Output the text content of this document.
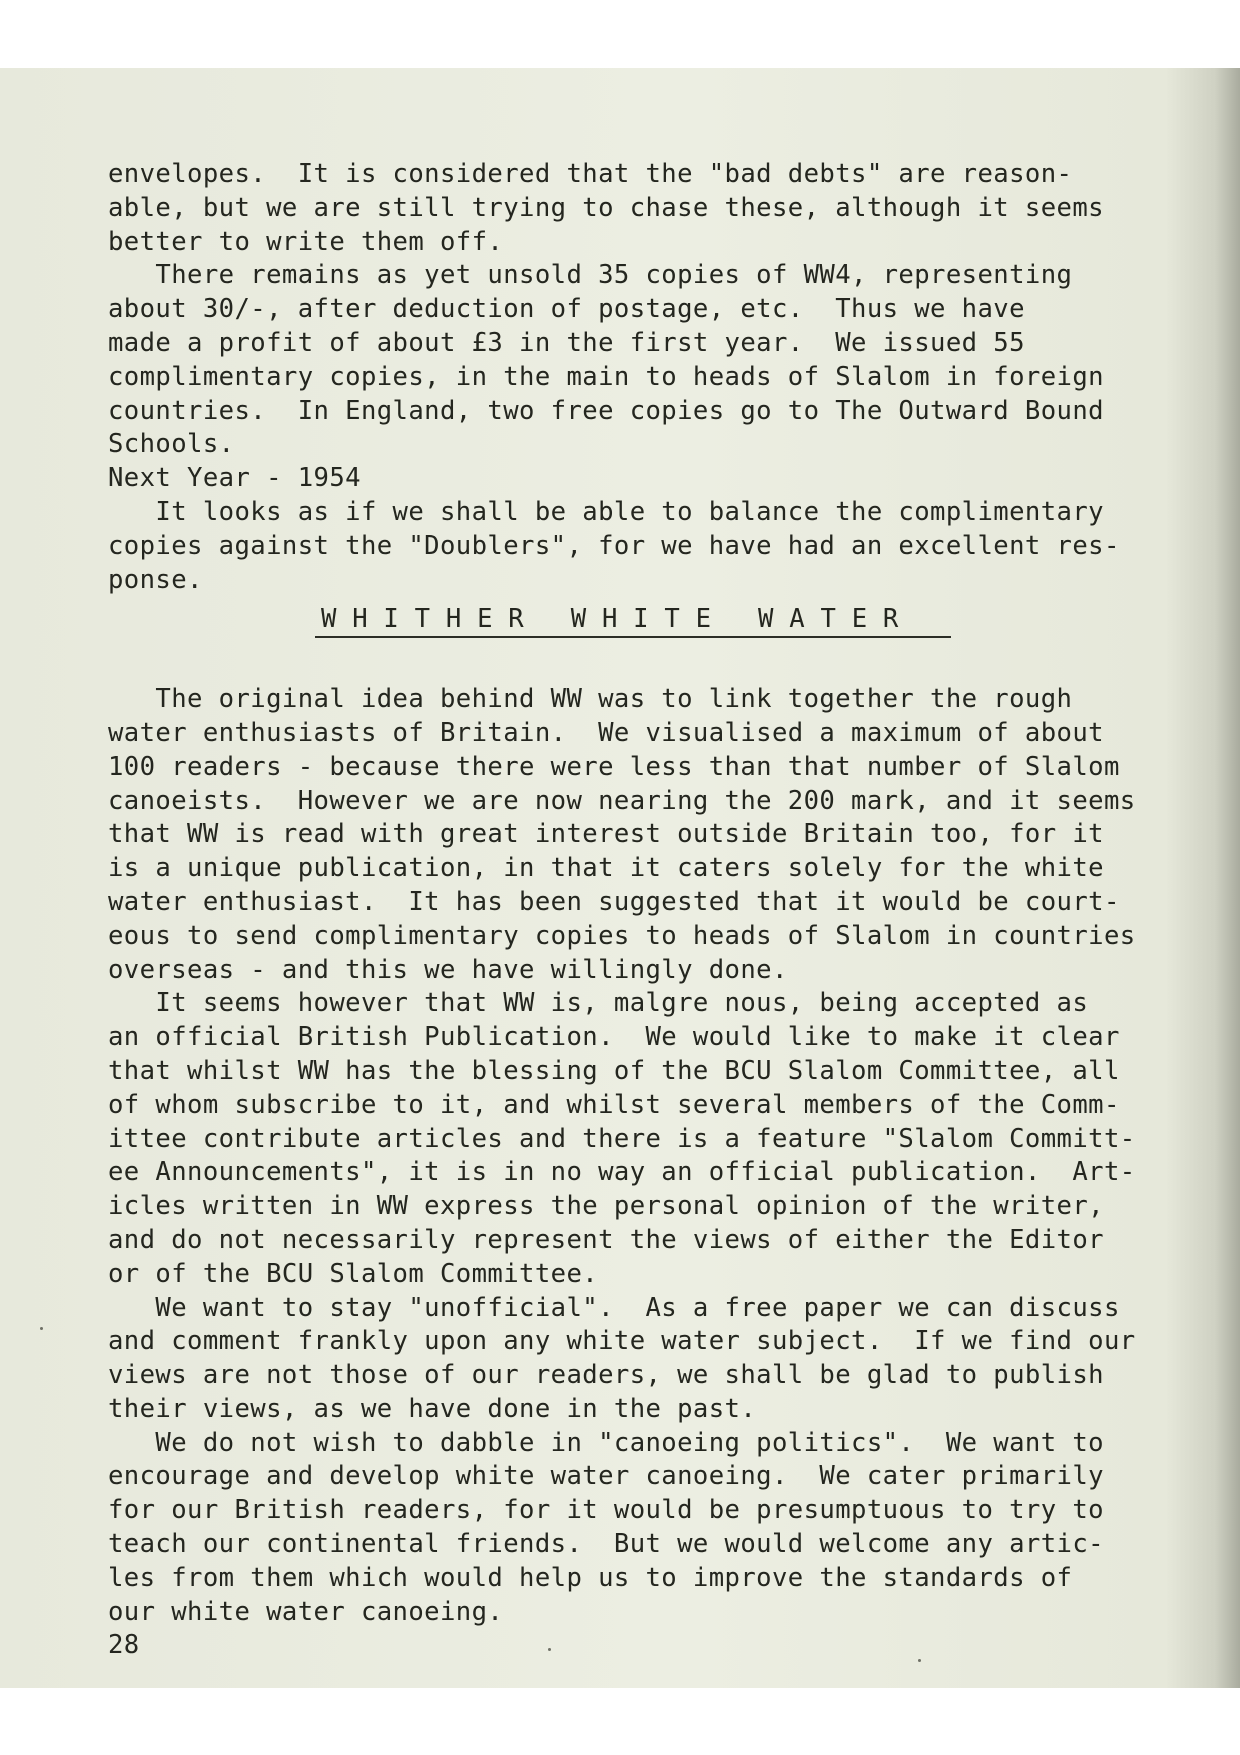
envelopes.  It is considered that the "bad debts" are reason-
able, but we are still trying to chase these, although it seems
better to write them off.
There remains as yet unsold 35 copies of WW4, representing
about 30/-, after deduction of postage, etc.  Thus we have
made a profit of about £3 in the first year.  We issued 55
complimentary copies, in the main to heads of Slalom in foreign
countries.  In England, two free copies go to The Outward Bound
Schools.
Next Year - 1954
It looks as if we shall be able to balance the complimentary
copies against the "Doublers", for we have had an excellent res-
ponse.
W H I T H E R   W H I T E   W A T E R
The original idea behind WW was to link together the rough
water enthusiasts of Britain.  We visualised a maximum of about
100 readers - because there were less than that number of Slalom
canoeists.  However we are now nearing the 200 mark, and it seems
that WW is read with great interest outside Britain too, for it
is a unique publication, in that it caters solely for the white
water enthusiast.  It has been suggested that it would be court-
eous to send complimentary copies to heads of Slalom in countries
overseas - and this we have willingly done.
It seems however that WW is, malgre nous, being accepted as
an official British Publication.  We would like to make it clear
that whilst WW has the blessing of the BCU Slalom Committee, all
of whom subscribe to it, and whilst several members of the Comm-
ittee contribute articles and there is a feature "Slalom Committ-
ee Announcements", it is in no way an official publication.  Art-
icles written in WW express the personal opinion of the writer,
and do not necessarily represent the views of either the Editor
or of the BCU Slalom Committee.
We want to stay "unofficial".  As a free paper we can discuss
and comment frankly upon any white water subject.  If we find our
views are not those of our readers, we shall be glad to publish
their views, as we have done in the past.
We do not wish to dabble in "canoeing politics".  We want to
encourage and develop white water canoeing.  We cater primarily
for our British readers, for it would be presumptuous to try to
teach our continental friends.  But we would welcome any artic-
les from them which would help us to improve the standards of
our white water canoeing.
28
